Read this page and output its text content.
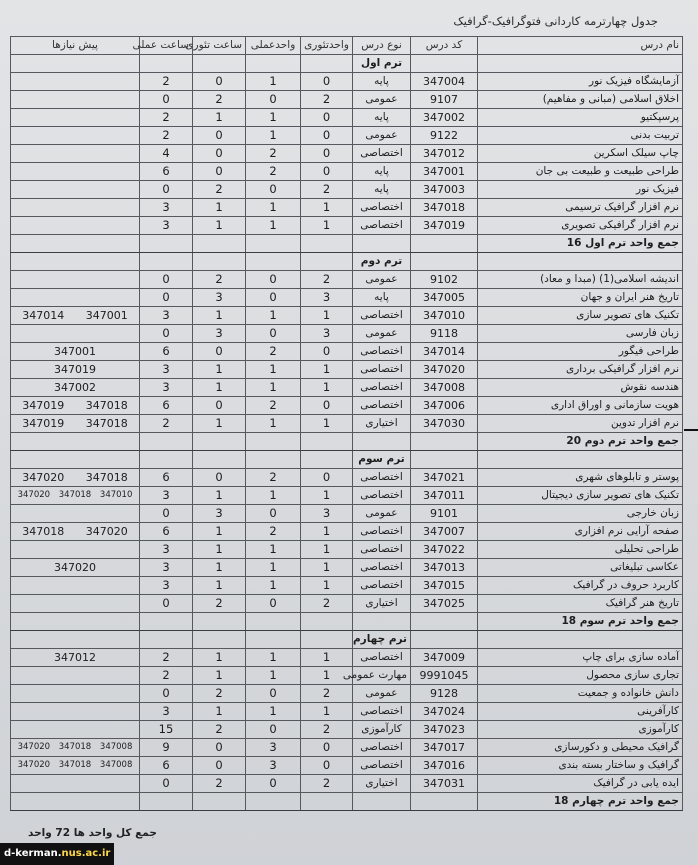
جدول چهارترمه کاردانی فتوگرافیک-گرافیک
نام درس	کد درس	نوع درس	واحدتئوری	واحدعملی	ساعت تئوری	ساعت عملی	پیش نیازها
		ترم اول					
آزمایشگاه فیزیک نور	347004	پایه	0	1	0	2	
اخلاق اسلامی (مبانی و مفاهیم)	9107	عمومی	2	0	2	0	
پرسپکتیو	347002	پایه	0	1	1	2	
تربیت بدنی	9122	عمومی	0	1	0	2	
چاپ سیلک اسکرین	347012	اختصاصی	0	2	0	4	
طراحی طبیعت و طبیعت بی جان	347001	پایه	0	2	0	6	
فیزیک نور	347003	پایه	2	0	2	0	
نرم افزار گرافیک ترسیمی	347018	اختصاصی	1	1	1	3	
نرم افزار گرافیکی تصویری	347019	اختصاصی	1	1	1	3	
جمع واحد ترم اول 16							
		ترم دوم					
اندیشه اسلامی(1) (مبدا و معاد)	9102	عمومی	2	0	2	0	
تاریخ هنر ایران و جهان	347005	پایه	3	0	3	0	
تکنیک های تصویر سازی	347010	اختصاصی	1	1	1	3	347001 347014
زبان فارسی	9118	عمومی	3	0	3	0	
طراحی فیگور	347014	اختصاصی	0	2	0	6	347001
نرم افزار گرافیکی برداری	347020	اختصاصی	1	1	1	3	347019
هندسه نقوش	347008	اختصاصی	1	1	1	3	347002
هویت سازمانی و اوراق اداری	347006	اختصاصی	0	2	0	6	347018 347019
نرم افزار تدوین	347030	اختیاری	1	1	1	2	347018 347019
جمع واحد ترم دوم 20							
		ترم سوم					
پوستر و تابلوهای شهری	347021	اختصاصی	0	2	0	6	347018 347020
تکنیک های تصویر سازی دیجیتال	347011	اختصاصی	1	1	1	3	347010 347018 347020
زبان خارجی	9101	عمومی	3	0	3	0	
صفحه آرایی نرم افزاری	347007	اختصاصی	1	2	1	6	347020 347018
طراحی تحلیلی	347022	اختصاصی	1	1	1	3	
عکاسی تبلیغاتی	347013	اختصاصی	1	1	1	3	347020
کاربرد حروف در گرافیک	347015	اختصاصی	1	1	1	3	
تاریخ هنر گرافیک	347025	اختیاری	2	0	2	0	
جمع واحد ترم سوم 18							
		ترم چهارم					
آماده سازی برای چاپ	347009	اختصاصی	1	1	1	2	347012
تجاری سازی محصول	9991045	مهارت عمومی	1	1	1	2	
دانش خانواده و جمعیت	9128	عمومی	2	0	2	0	
کارآفرینی	347024	اختصاصی	1	1	1	3	
کارآموزی	347023	کارآموزی	2	0	2	15	
گرافیک محیطی و دکورسازی	347017	اختصاصی	0	3	0	9	347008 347018 347020
گرافیک و ساختار بسته بندی	347016	اختصاصی	0	3	0	6	347008 347018 347020
ایده یابی در گرافیک	347031	اختیاری	2	0	2	0	
جمع واحد ترم چهارم 18							
جمع کل واحد ها 72 واحد
d-kerman.nus.ac.ir
